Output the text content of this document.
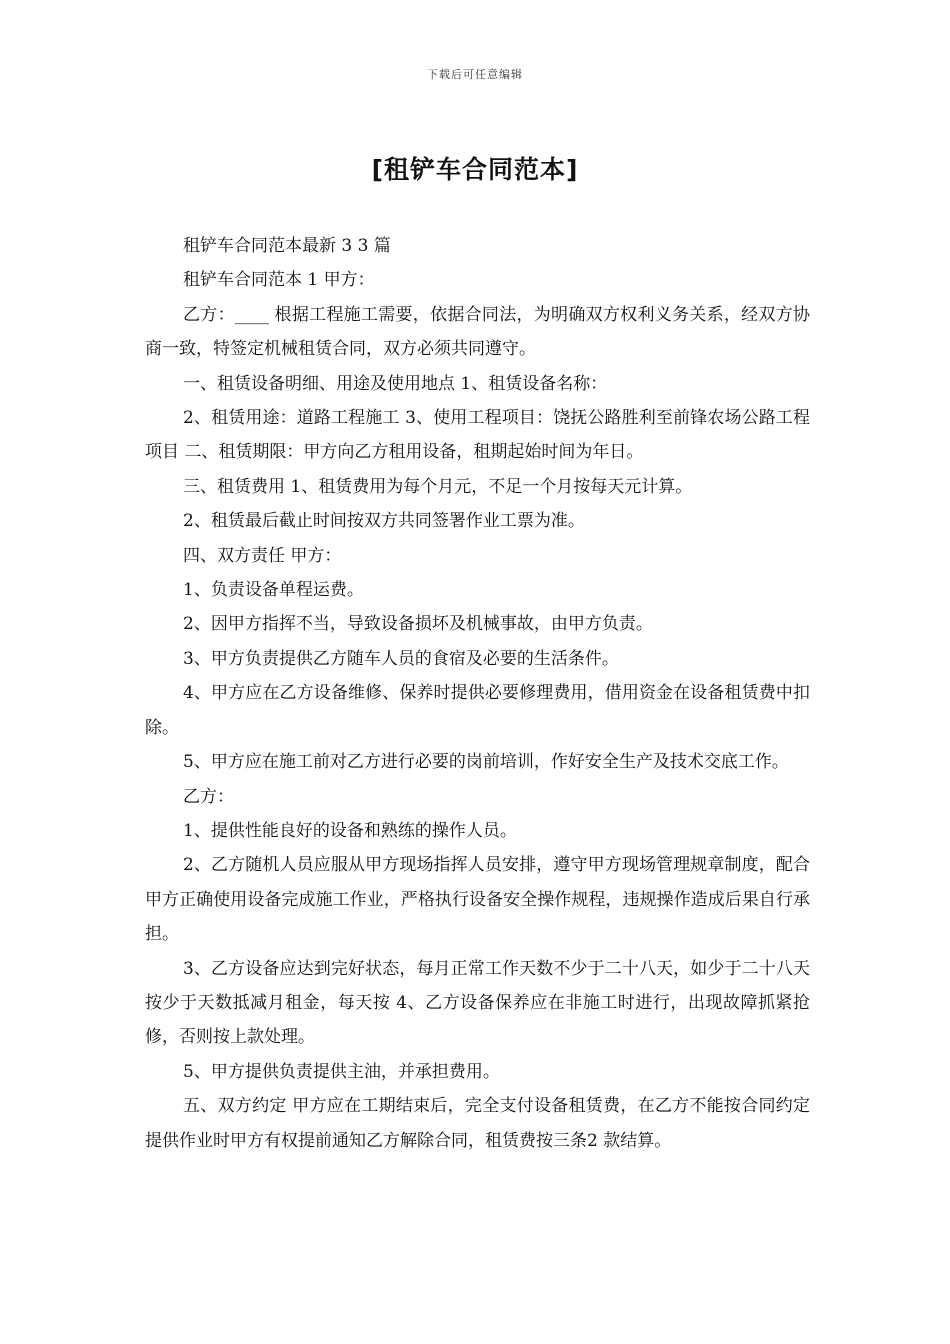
下载后可任意编辑
[租铲车合同范本]

租铲车合同范本最新 3 3 篇

租铲车合同范本 1 甲方：

乙方：____ 根据工程施工需要，依据合同法，为明确双方权利义务关系，经双方协商一致，特签定机械租赁合同，双方必须共同遵守。

一、租赁设备明细、用途及使用地点 1、租赁设备名称：

2、租赁用途：道路工程施工 3、使用工程项目：饶抚公路胜利至前锋农场公路工程项目 二、租赁期限：甲方向乙方租用设备，租期起始时间为年日。

三、租赁费用 1、租赁费用为每个月元，不足一个月按每天元计算。

2、租赁最后截止时间按双方共同签署作业工票为准。

四、双方责任 甲方：

1、负责设备单程运费。

2、因甲方指挥不当，导致设备损坏及机械事故，由甲方负责。

3、甲方负责提供乙方随车人员的食宿及必要的生活条件。

4、甲方应在乙方设备维修、保养时提供必要修理费用，借用资金在设备租赁费中扣除。

5、甲方应在施工前对乙方进行必要的岗前培训，作好安全生产及技术交底工作。

乙方：

1、提供性能良好的设备和熟练的操作人员。

2、乙方随机人员应服从甲方现场指挥人员安排，遵守甲方现场管理规章制度，配合甲方正确使用设备完成施工作业，严格执行设备安全操作规程，违规操作造成后果自行承担。

3、乙方设备应达到完好状态，每月正常工作天数不少于二十八天，如少于二十八天按少于天数抵减月租金，每天按 4、乙方设备保养应在非施工时进行，出现故障抓紧抢修，否则按上款处理。

5、甲方提供负责提供主油，并承担费用。

五、双方约定 甲方应在工期结束后，完全支付设备租赁费，在乙方不能按合同约定提供作业时甲方有权提前通知乙方解除合同，租赁费按三条2 款结算。
